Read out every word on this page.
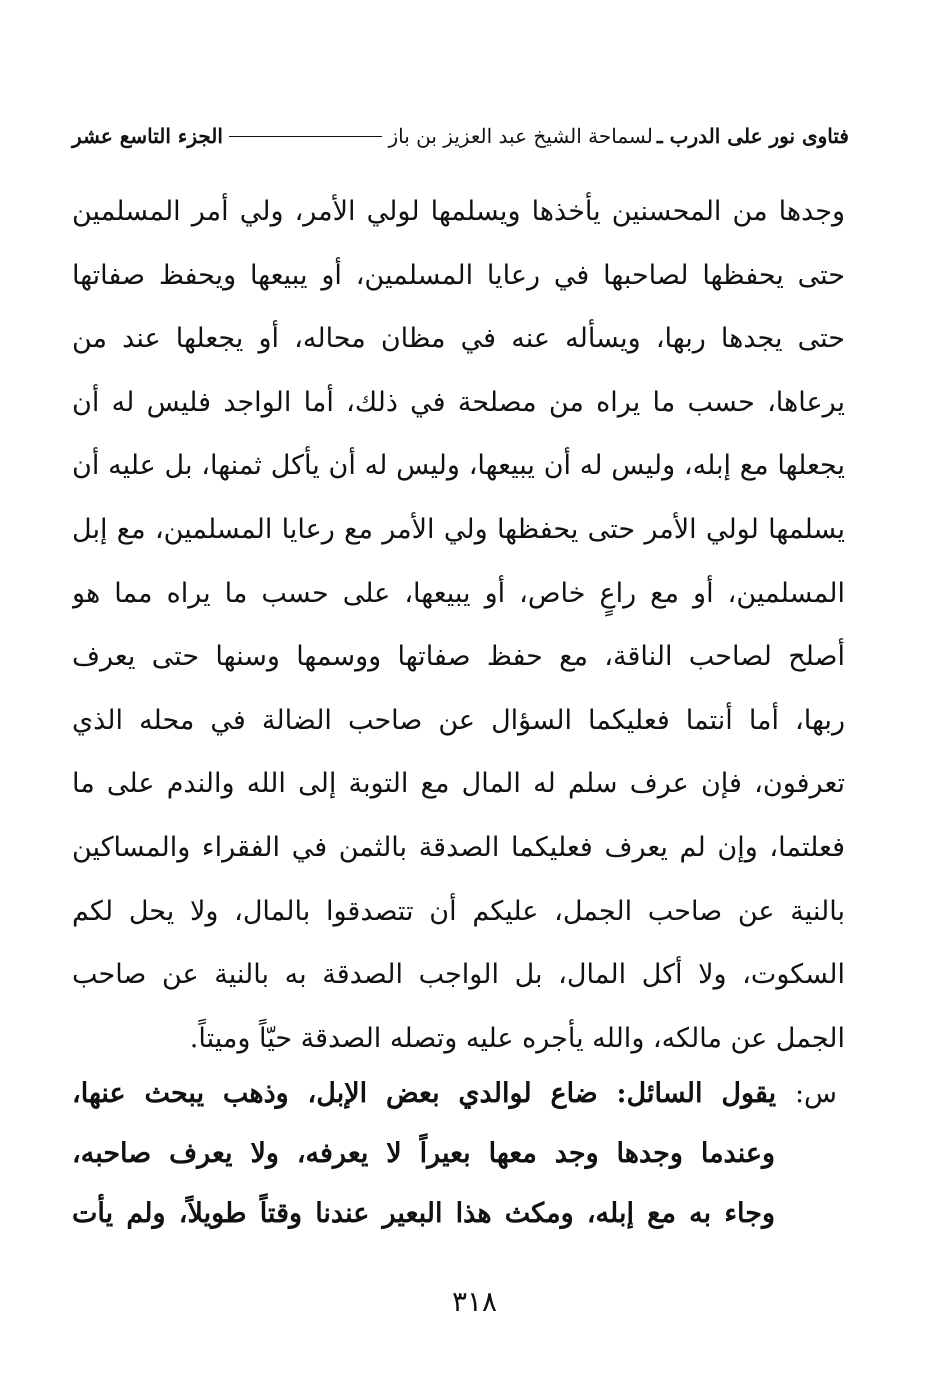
فتاوى نور على الدرب ـ
لسماحة الشيخ عبد العزيز بن باز
الجزء التاسع عشر
وجدها من المحسنين يأخذها ويسلمها لولي الأمر، ولي أمر المسلمين
حتى يحفظها لصاحبها في رعايا المسلمين، أو يبيعها ويحفظ صفاتها
حتى يجدها ربها، ويسأله عنه في مظان محاله، أو يجعلها عند من
يرعاها، حسب ما يراه من مصلحة في ذلك، أما الواجد فليس له أن
يجعلها مع إبله، وليس له أن يبيعها، وليس له أن يأكل ثمنها، بل عليه أن
يسلمها لولي الأمر حتى يحفظها ولي الأمر مع رعايا المسلمين، مع إبل
المسلمين، أو مع راعٍ خاص، أو يبيعها، على حسب ما يراه مما هو
أصلح لصاحب الناقة، مع حفظ صفاتها ووسمها وسنها حتى يعرف
ربها، أما أنتما فعليكما السؤال عن صاحب الضالة في محله الذي
تعرفون، فإن عرف سلم له المال مع التوبة إلى الله والندم على ما
فعلتما، وإن لم يعرف فعليكما الصدقة بالثمن في الفقراء والمساكين
بالنية عن صاحب الجمل، عليكم أن تتصدقوا بالمال، ولا يحل لكم
السكوت، ولا أكل المال، بل الواجب الصدقة به بالنية عن صاحب
الجمل عن مالكه، والله يأجره عليه وتصله الصدقة حيّاً وميتاً.
س: يقول السائل: ضاع لوالدي بعض الإبل، وذهب يبحث عنها،
وعندما وجدها وجد معها بعيراً لا يعرفه، ولا يعرف صاحبه،
وجاء به مع إبله، ومكث هذا البعير عندنا وقتاً طويلاً، ولم يأت
٣١٨
